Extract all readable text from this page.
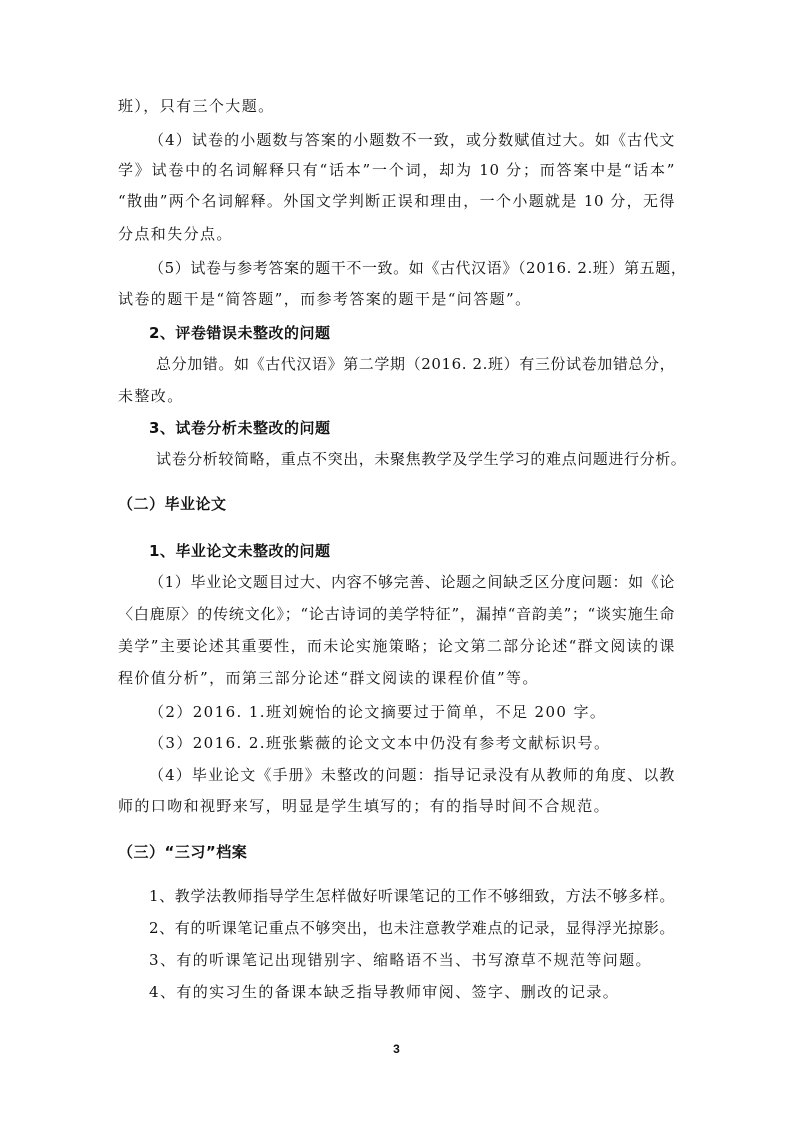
班），只有三个大题。
（4）试卷的小题数与答案的小题数不一致，或分数赋值过大。如《古代文
学》试卷中的名词解释只有“话本”一个词，却为 10 分；而答案中是“话本”
“散曲”两个名词解释。外国文学判断正误和理由，一个小题就是 10 分，无得
分点和失分点。
（5）试卷与参考答案的题干不一致。如《古代汉语》（2016. 2.班）第五题，
试卷的题干是“简答题”，而参考答案的题干是“问答题”。
2、评卷错误未整改的问题
总分加错。如《古代汉语》第二学期（2016. 2.班）有三份试卷加错总分，
未整改。
3、试卷分析未整改的问题
试卷分析较简略，重点不突出，未聚焦教学及学生学习的难点问题进行分析。
（二）毕业论文
1、毕业论文未整改的问题
（1）毕业论文题目过大、内容不够完善、论题之间缺乏区分度问题：如《论
〈白鹿原〉的传统文化》；“论古诗词的美学特征”，漏掉“音韵美”；“谈实施生命
美学”主要论述其重要性，而未论实施策略；论文第二部分论述“群文阅读的课
程价值分析”，而第三部分论述“群文阅读的课程价值”等。
（2）2016. 1.班刘婉怡的论文摘要过于简单，不足 200 字。
（3）2016. 2.班张紫薇的论文文本中仍没有参考文献标识号。
（4）毕业论文《手册》未整改的问题：指导记录没有从教师的角度、以教
师的口吻和视野来写，明显是学生填写的；有的指导时间不合规范。
（三）“三习”档案
1、教学法教师指导学生怎样做好听课笔记的工作不够细致，方法不够多样。
2、有的听课笔记重点不够突出，也未注意教学难点的记录，显得浮光掠影。
3、有的听课笔记出现错别字、缩略语不当、书写潦草不规范等问题。
4、有的实习生的备课本缺乏指导教师审阅、签字、删改的记录。
3
